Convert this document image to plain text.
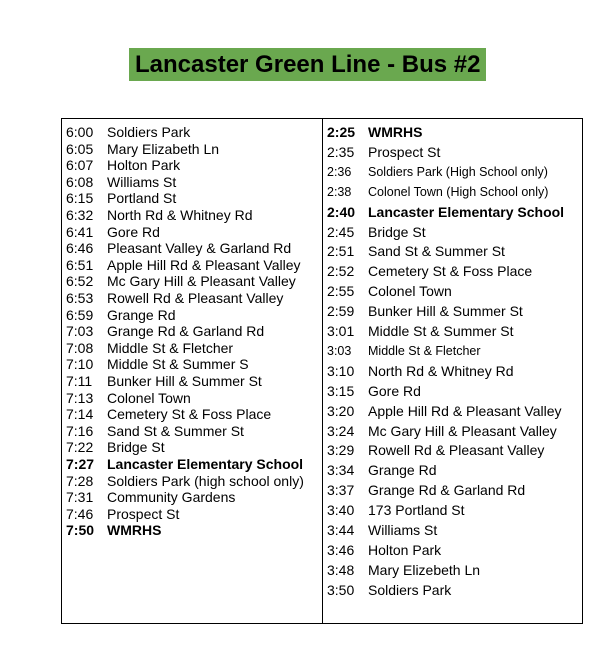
Lancaster Green Line - Bus #2
6:00 Soldiers Park
6:05 Mary Elizabeth Ln
6:07 Holton Park
6:08 Williams St
6:15 Portland St
6:32 North Rd & Whitney Rd
6:41 Gore Rd
6:46 Pleasant Valley & Garland Rd
6:51 Apple Hill Rd & Pleasant Valley
6:52 Mc Gary Hill & Pleasant Valley
6:53 Rowell Rd & Pleasant Valley
6:59 Grange Rd
7:03 Grange Rd & Garland Rd
7:08 Middle St & Fletcher
7:10 Middle St & Summer S
7:11 Bunker Hill & Summer St
7:13 Colonel Town
7:14 Cemetery St & Foss Place
7:16 Sand St & Summer St
7:22 Bridge St
7:27 Lancaster Elementary School
7:28 Soldiers Park (high school only)
7:31 Community Gardens
7:46 Prospect St
7:50 WMRHS
2:25 WMRHS
2:35 Prospect St
2:36 Soldiers Park (High School only)
2:38 Colonel Town (High School only)
2:40 Lancaster Elementary School
2:45 Bridge St
2:51 Sand St & Summer St
2:52 Cemetery St & Foss Place
2:55 Colonel Town
2:59 Bunker Hill & Summer St
3:01 Middle St & Summer St
3:03 Middle St & Fletcher
3:10 North Rd & Whitney Rd
3:15 Gore Rd
3:20 Apple Hill Rd & Pleasant Valley
3:24 Mc Gary Hill & Pleasant Valley
3:29 Rowell Rd & Pleasant Valley
3:34 Grange Rd
3:37 Grange Rd & Garland Rd
3:40 173 Portland St
3:44 Williams St
3:46 Holton Park
3:48 Mary Elizebeth Ln
3:50 Soldiers Park
